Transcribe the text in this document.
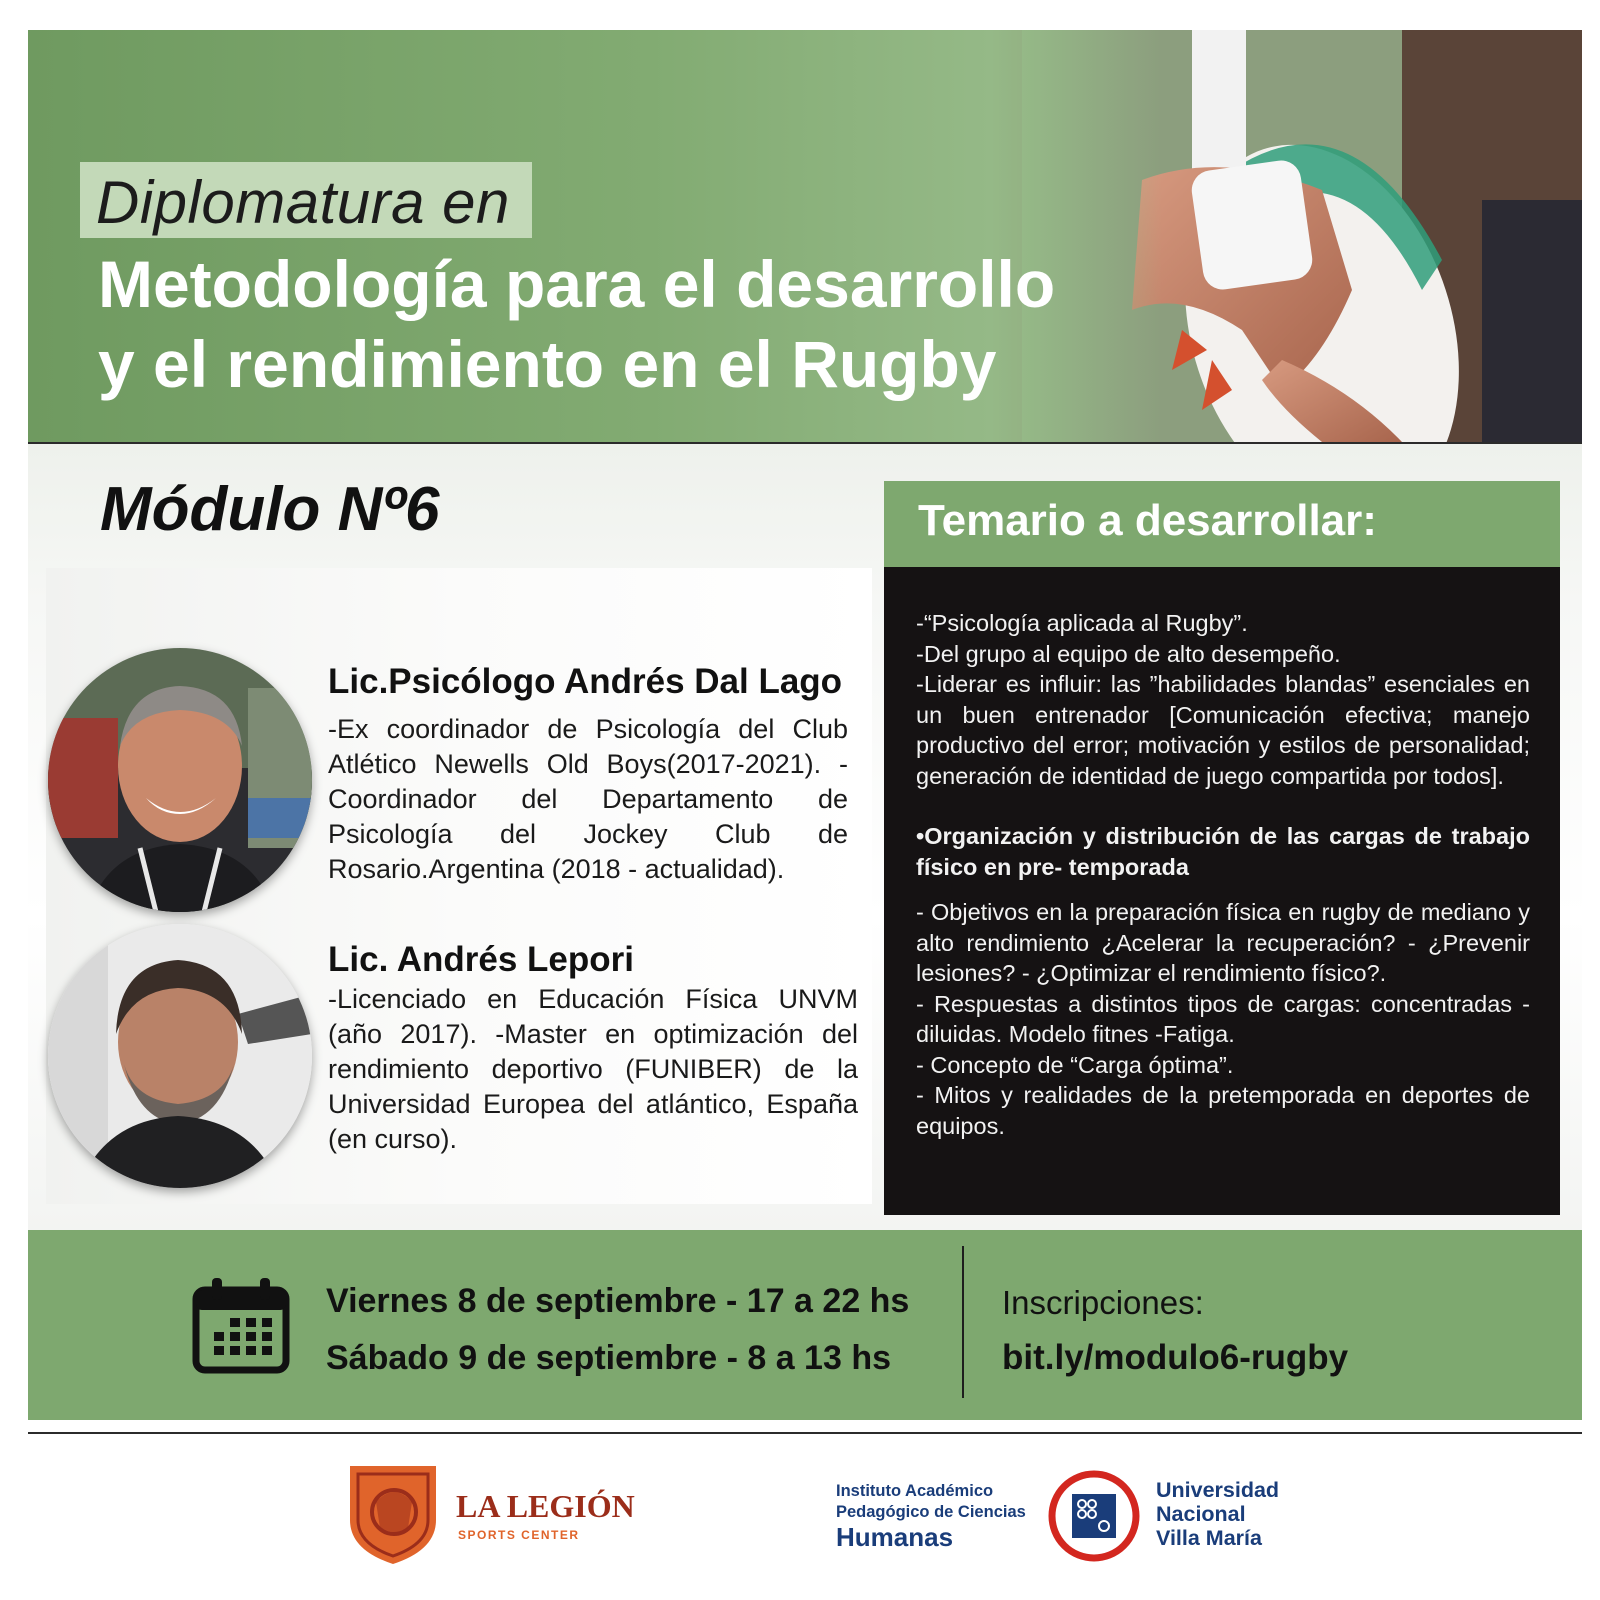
Diplomatura en
Metodología para el desarrollo
y el rendimiento en el Rugby
Módulo Nº6
Lic.Psicólogo Andrés Dal Lago
-Ex coordinador de Psicología del Club Atlético Newells Old Boys(2017-2021). -Coordinador del Departamento de Psicología del Jockey Club de Rosario.Argentina (2018 - actualidad).
Lic. Andrés Lepori
-Licenciado en Educación Física UNVM (año 2017). -Master en optimización del rendimiento deportivo (FUNIBER) de la Universidad Europea del atlántico, España (en curso).
Temario a desarrollar:
-“Psicología aplicada al Rugby”.
-Del grupo al equipo de alto desempeño.
-Liderar es influir: las ”habilidades blandas” esenciales en un buen entrenador [Comunicación efectiva; manejo productivo del error; motivación y estilos de personalidad; generación de identidad de juego compartida por todos].
•Organización y distribución de las cargas de trabajo físico en pre- temporada
- Objetivos en la preparación física en rugby de mediano y alto rendimiento ¿Acelerar la recuperación? - ¿Prevenir lesiones? - ¿Optimizar el rendimiento físico?.
- Respuestas a distintos tipos de cargas: concentradas - diluidas. Modelo fitnes -Fatiga.
- Concepto de “Carga óptima”.
- Mitos y realidades de la pretemporada en deportes de equipos.
Viernes 8 de septiembre - 17 a 22 hs
Sábado 9 de septiembre - 8 a 13 hs
Inscripciones:
bit.ly/modulo6-rugby
LA LEGIÓN
SPORTS CENTER
Instituto Académico
Pedagógico de Ciencias
Humanas
Universidad
Nacional
Villa María
